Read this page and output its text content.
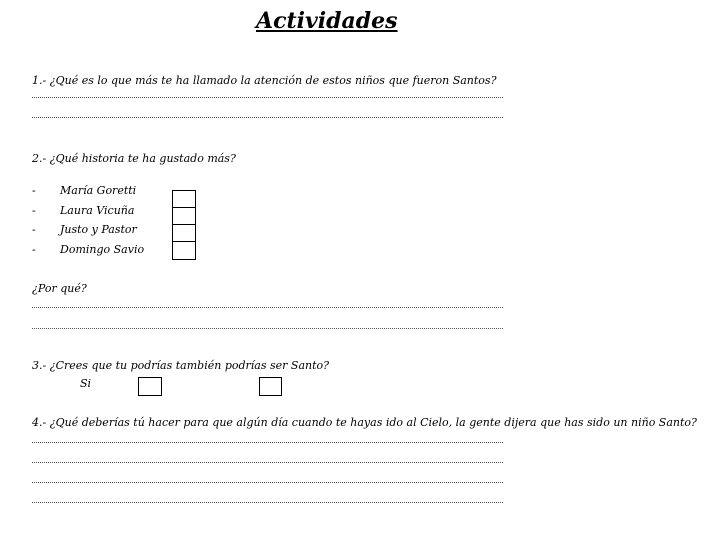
Actividades
1.- ¿Qué es lo que más te ha llamado la atención de estos niños que fueron Santos?
2.- ¿Qué historia te ha gustado más?
- María Goretti
- Laura Vicuña
- Justo y Pastor
- Domingo Savio
¿Por qué?
3.- ¿Crees que tu podrías también podrías ser Santo?
Si
4.- ¿Qué deberías tú hacer para que algún día cuando te hayas ido al Cielo, la gente dijera que has sido un niño Santo?
